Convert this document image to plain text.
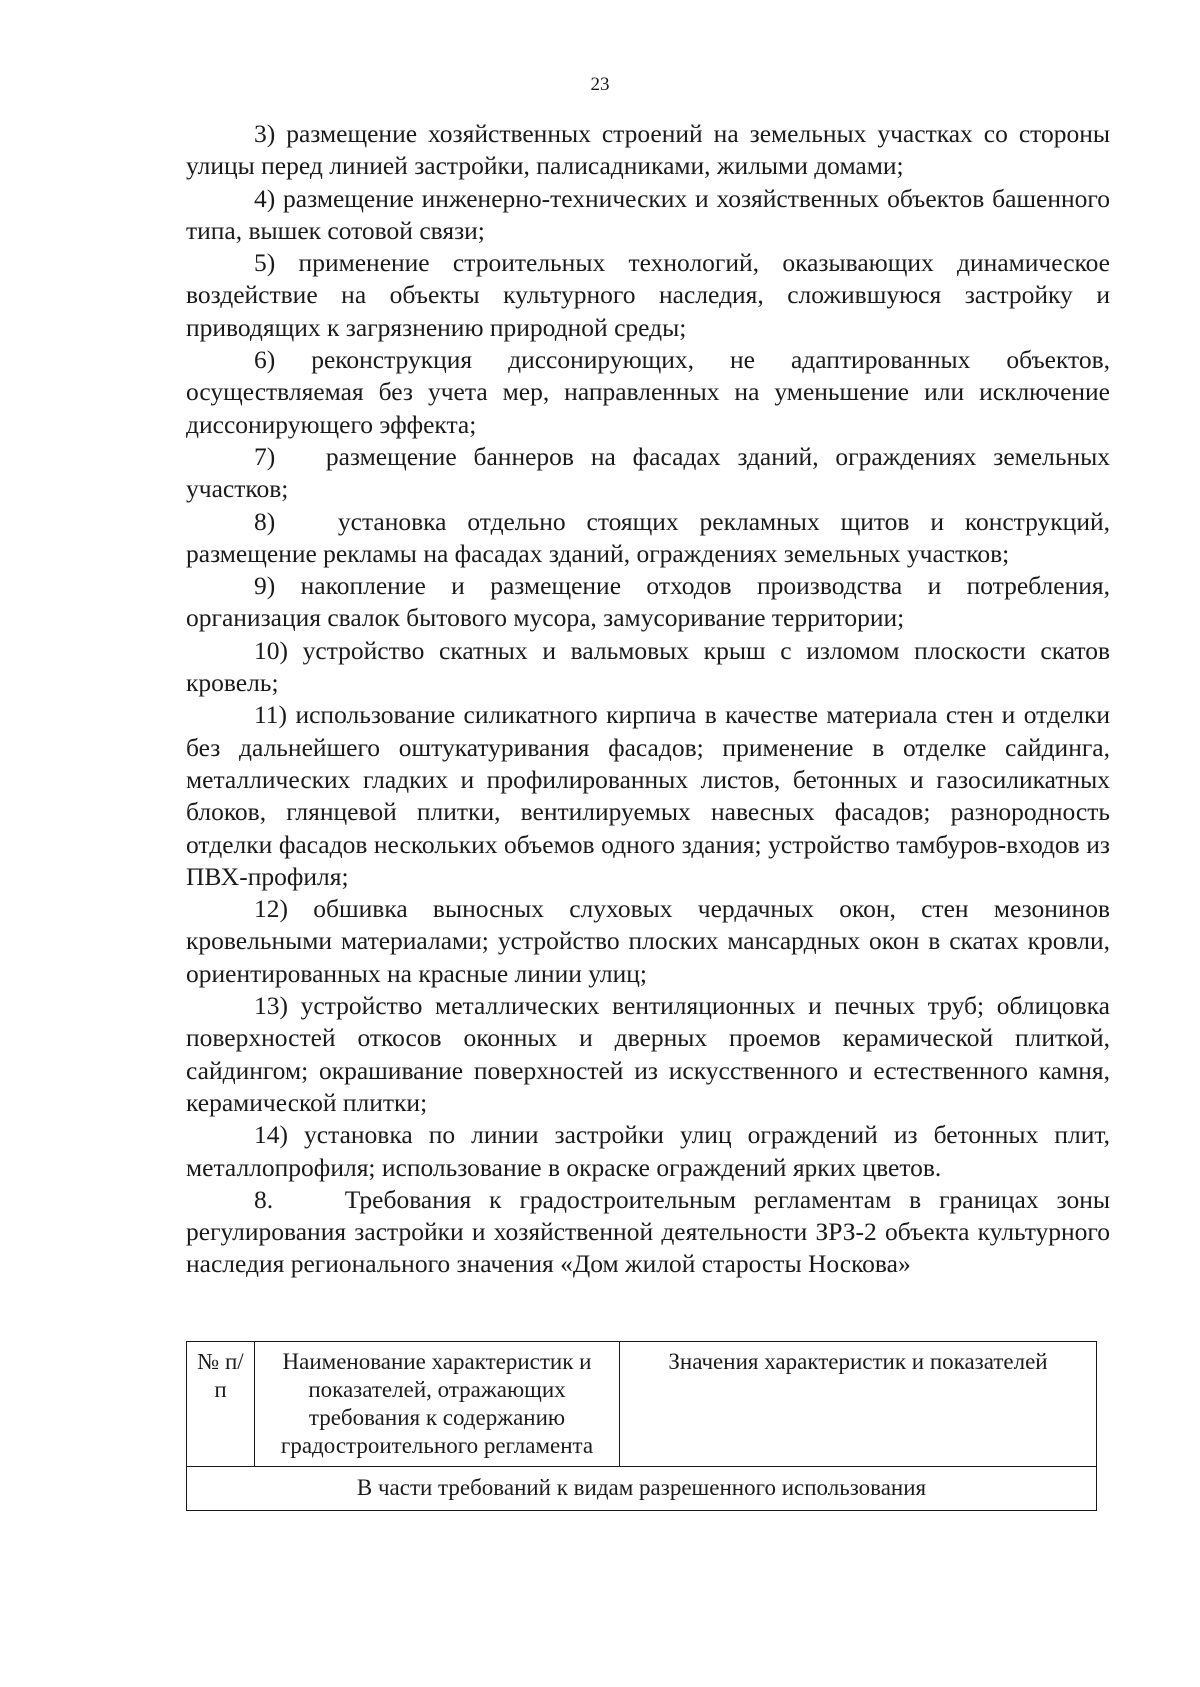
23

3) размещение хозяйственных строений на земельных участках со стороны улицы перед линией застройки, палисадниками, жилыми домами;

4) размещение инженерно-технических и хозяйственных объектов башенного типа, вышек сотовой связи;

5) применение строительных технологий, оказывающих динамическое воздействие на объекты культурного наследия, сложившуюся застройку и приводящих к загрязнению природной среды;

6) реконструкция диссонирующих, не адаптированных объектов, осуществляемая без учета мер, направленных на уменьшение или исключение диссонирующего эффекта;

7)   размещение баннеров на фасадах зданий, ограждениях земельных участков;

8)   установка отдельно стоящих рекламных щитов и конструкций, размещение рекламы на фасадах зданий, ограждениях земельных участков;

9) накопление и размещение отходов производства и потребления, организация свалок бытового мусора, замусоривание территории;

10) устройство скатных и вальмовых крыш с изломом плоскости скатов кровель;

11) использование силикатного кирпича в качестве материала стен и отделки без дальнейшего оштукатуривания фасадов; применение в отделке сайдинга, металлических гладких и профилированных листов, бетонных и газосиликатных блоков, глянцевой плитки, вентилируемых навесных фасадов; разнородность отделки фасадов нескольких объемов одного здания; устройство тамбуров-входов из ПВХ-профиля;

12) обшивка выносных слуховых чердачных окон, стен мезонинов кровельными материалами; устройство плоских мансардных окон в скатах кровли, ориентированных на красные линии улиц;

13) устройство металлических вентиляционных и печных труб; облицовка поверхностей откосов оконных и дверных проемов керамической плиткой, сайдингом; окрашивание поверхностей из искусственного и естественного камня, керамической плитки;

14) установка по линии застройки улиц ограждений из бетонных плит, металлопрофиля; использование в окраске ограждений ярких цветов.

8.    Требования к градостроительным регламентам в границах зоны регулирования застройки и хозяйственной деятельности ЗРЗ-2 объекта культурного наследия регионального значения «Дом жилой старосты Носкова»

№ п/п	Наименование характеристик и показателей, отражающих требования к содержанию градостроительного регламента	Значения характеристик и показателей
В части требований к видам разрешенного использования
